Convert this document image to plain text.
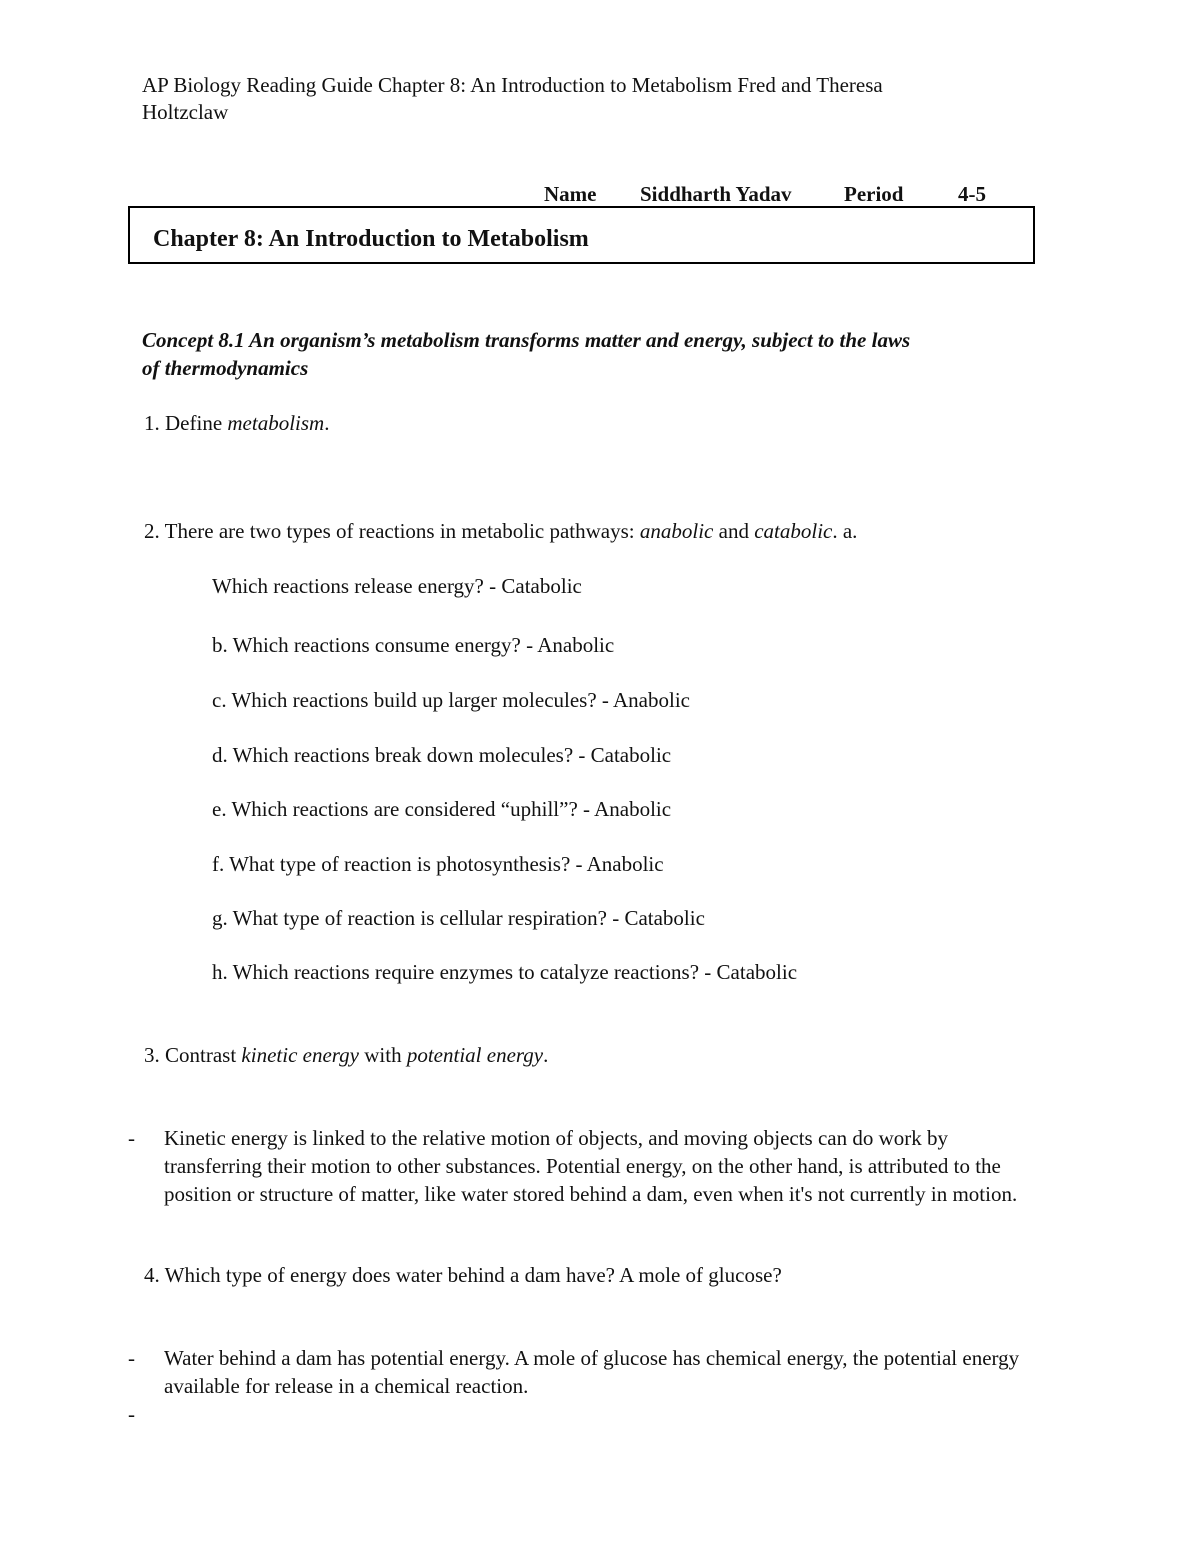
AP Biology Reading Guide Chapter 8: An Introduction to Metabolism Fred and Theresa
Holtzclaw
Name Siddharth Yadav Period	4-5
Chapter 8: An Introduction to Metabolism
Concept 8.1 An organism’s metabolism transforms matter and energy, subject to the laws
of thermodynamics
1. Define metabolism.
2. There are two types of reactions in metabolic pathways: anabolic and catabolic. a.
Which reactions release energy? - Catabolic
b. Which reactions consume energy? - Anabolic
c. Which reactions build up larger molecules? - Anabolic
d. Which reactions break down molecules? - Catabolic
e. Which reactions are considered “uphill”? - Anabolic
f. What type of reaction is photosynthesis? - Anabolic
g. What type of reaction is cellular respiration? - Catabolic
h. Which reactions require enzymes to catalyze reactions? - Catabolic
3. Contrast kinetic energy with potential energy.
- Kinetic energy is linked to the relative motion of objects, and moving objects can do work by
transferring their motion to other substances. Potential energy, on the other hand, is attributed to the
position or structure of matter, like water stored behind a dam, even when it's not currently in motion.
4. Which type of energy does water behind a dam have? A mole of glucose?
- Water behind a dam has potential energy. A mole of glucose has chemical energy, the potential energy
available for release in a chemical reaction.
-
